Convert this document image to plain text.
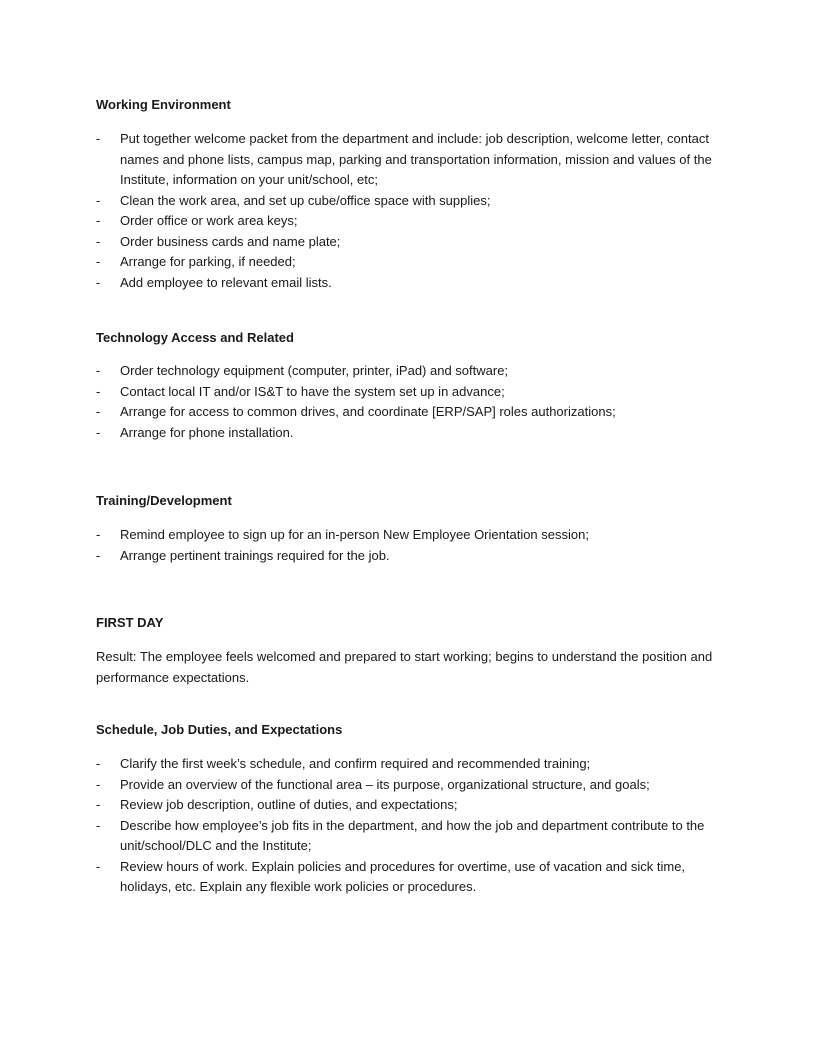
Working Environment
- Put together welcome packet from the department and include: job description, welcome letter, contact names and phone lists, campus map, parking and transportation information, mission and values of the Institute, information on your unit/school, etc;
- Clean the work area, and set up cube/office space with supplies;
- Order office or work area keys;
- Order business cards and name plate;
- Arrange for parking, if needed;
- Add employee to relevant email lists.
Technology Access and Related
- Order technology equipment (computer, printer, iPad) and software;
- Contact local IT and/or IS&T to have the system set up in advance;
- Arrange for access to common drives, and coordinate [ERP/SAP] roles authorizations;
- Arrange for phone installation.
Training/Development
- Remind employee to sign up for an in-person New Employee Orientation session;
- Arrange pertinent trainings required for the job.
FIRST DAY

Result: The employee feels welcomed and prepared to start working; begins to understand the position and performance expectations.

Schedule, Job Duties, and Expectations
- Clarify the first week’s schedule, and confirm required and recommended training;
- Provide an overview of the functional area – its purpose, organizational structure, and goals;
- Review job description, outline of duties, and expectations;
- Describe how employee’s job fits in the department, and how the job and department contribute to the unit/school/DLC and the Institute;
- Review hours of work. Explain policies and procedures for overtime, use of vacation and sick time, holidays, etc. Explain any flexible work policies or procedures.
